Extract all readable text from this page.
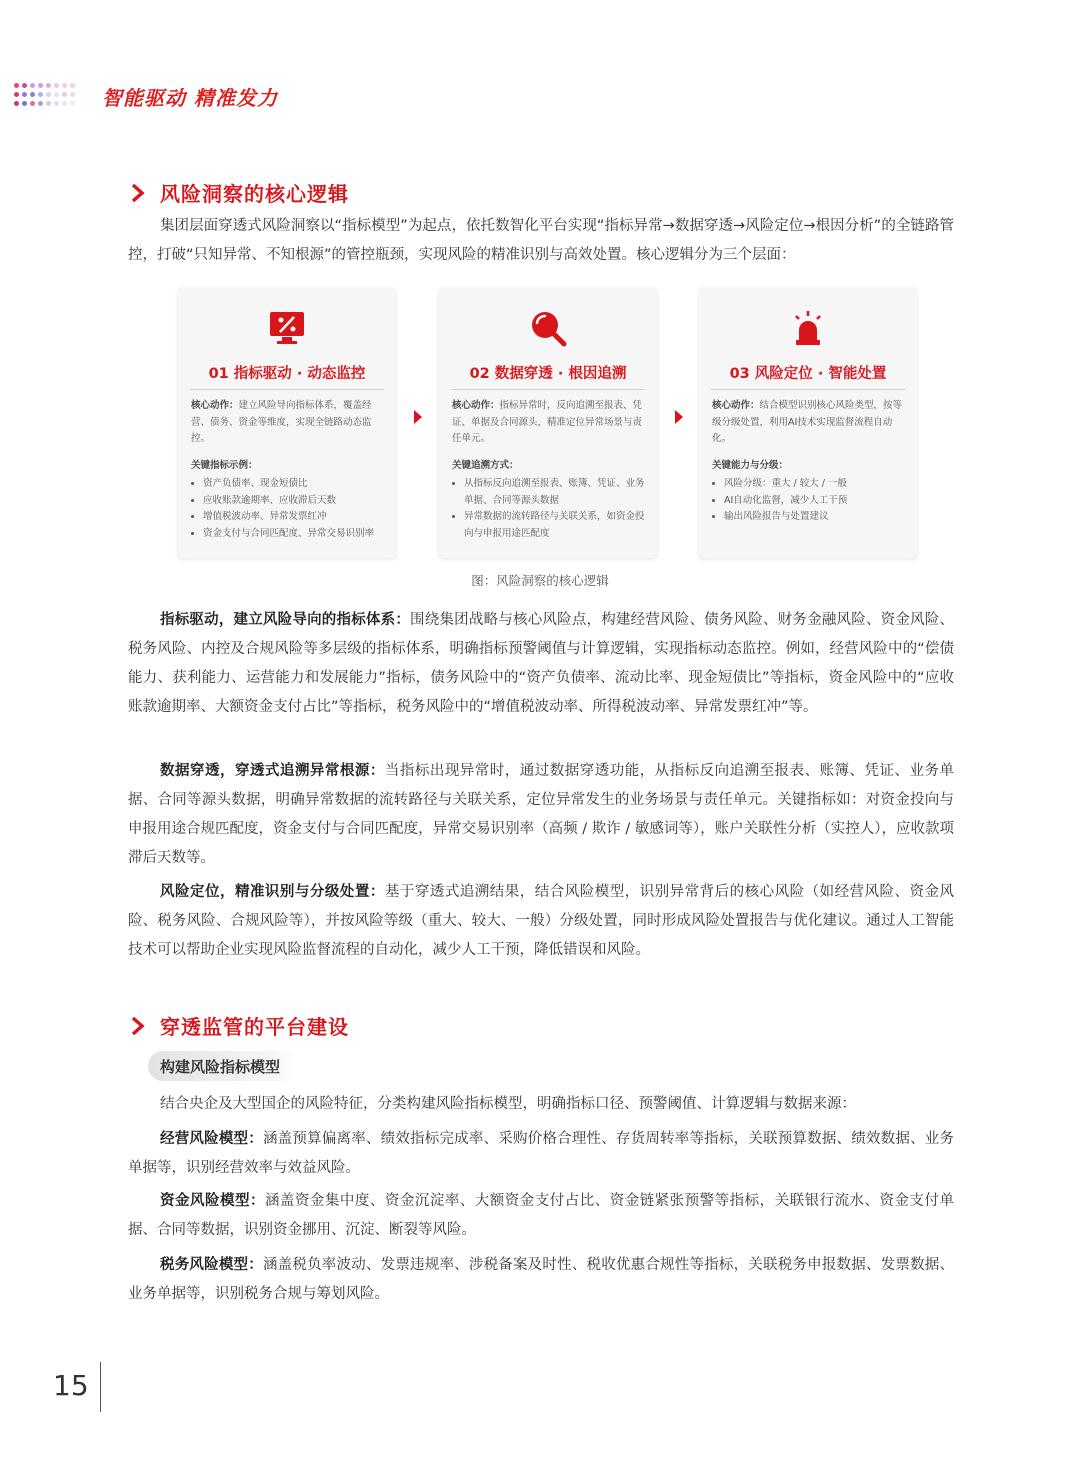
智能驱动 精准发力
风险洞察的核心逻辑
集团层面穿透式风险洞察以“指标模型”为起点，依托数智化平台实现“指标异常→数据穿透→风险定位→根因分析”的全链路管控，打破“只知异常、不知根源”的管控瓶颈，实现风险的精准识别与高效处置。核心逻辑分为三个层面：
01 指标驱动 · 动态监控
核心动作：建立风险导向指标体系，覆盖经营、债务、资金等维度，实现全链路动态监控。
关键指标示例：
• 资产负债率、现金短债比
• 应收账款逾期率、应收滞后天数
• 增值税波动率、异常发票红冲
• 资金支付与合同匹配度、异常交易识别率
02 数据穿透 · 根因追溯
核心动作：指标异常时，反向追溯至报表、凭证、单据及合同源头，精准定位异常场景与责任单元。
关键追溯方式：
• 从指标反向追溯至报表、账簿、凭证、业务单据、合同等源头数据
• 异常数据的流转路径与关联关系，如资金投向与申报用途匹配度
03 风险定位 · 智能处置
核心动作：结合模型识别核心风险类型，按等级分级处置，利用AI技术实现监督流程自动化。
关键能力与分级：
• 风险分级：重大 / 较大 / 一般
• AI自动化监督，减少人工干预
• 输出风险报告与处置建议
图：风险洞察的核心逻辑
指标驱动，建立风险导向的指标体系：围绕集团战略与核心风险点，构建经营风险、债务风险、财务金融风险、资金风险、税务风险、内控及合规风险等多层级的指标体系，明确指标预警阈值与计算逻辑，实现指标动态监控。例如，经营风险中的“偿债能力、获利能力、运营能力和发展能力”指标，债务风险中的“资产负债率、流动比率、现金短债比”等指标，资金风险中的“应收账款逾期率、大额资金支付占比”等指标，税务风险中的“增值税波动率、所得税波动率、异常发票红冲”等。
数据穿透，穿透式追溯异常根源：当指标出现异常时，通过数据穿透功能，从指标反向追溯至报表、账簿、凭证、业务单据、合同等源头数据，明确异常数据的流转路径与关联关系，定位异常发生的业务场景与责任单元。关键指标如：对资金投向与申报用途合规匹配度，资金支付与合同匹配度，异常交易识别率（高频 / 欺诈 / 敏感词等），账户关联性分析（实控人），应收款项滞后天数等。
风险定位，精准识别与分级处置：基于穿透式追溯结果，结合风险模型，识别异常背后的核心风险（如经营风险、资金风险、税务风险、合规风险等），并按风险等级（重大、较大、一般）分级处置，同时形成风险处置报告与优化建议。通过人工智能技术可以帮助企业实现风险监督流程的自动化，减少人工干预，降低错误和风险。
穿透监管的平台建设
构建风险指标模型
结合央企及大型国企的风险特征，分类构建风险指标模型，明确指标口径、预警阈值、计算逻辑与数据来源：
经营风险模型：涵盖预算偏离率、绩效指标完成率、采购价格合理性、存货周转率等指标，关联预算数据、绩效数据、业务单据等，识别经营效率与效益风险。
资金风险模型：涵盖资金集中度、资金沉淀率、大额资金支付占比、资金链紧张预警等指标，关联银行流水、资金支付单据、合同等数据，识别资金挪用、沉淀、断裂等风险。
税务风险模型：涵盖税负率波动、发票违规率、涉税备案及时性、税收优惠合规性等指标，关联税务申报数据、发票数据、业务单据等，识别税务合规与筹划风险。
15
